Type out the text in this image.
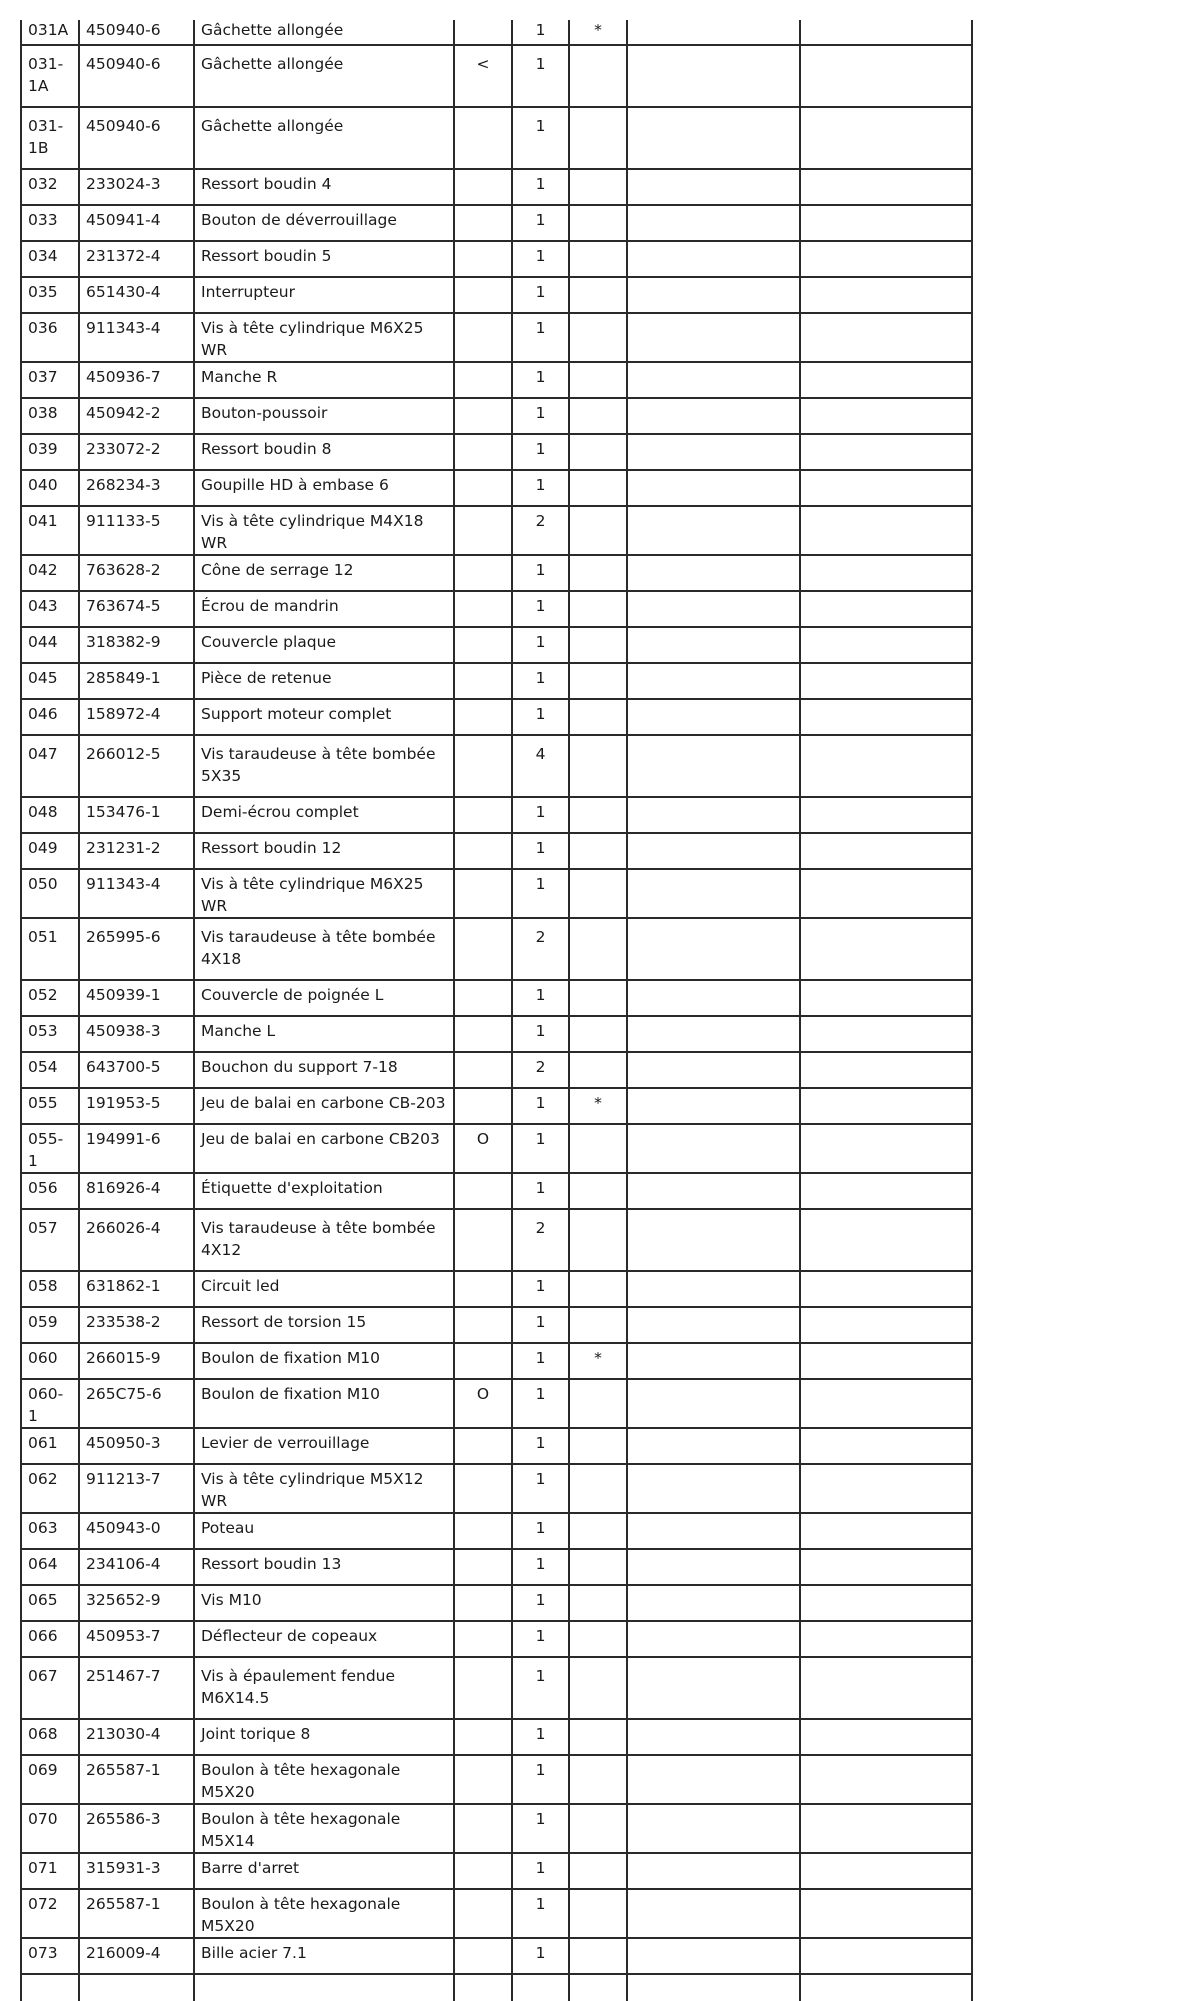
031A	450940-6	Gâchette allongée		1	*		
031-1A	450940-6	Gâchette allongée	<	1			
031-1B	450940-6	Gâchette allongée		1			
032	233024-3	Ressort boudin 4		1			
033	450941-4	Bouton de déverrouillage		1			
034	231372-4	Ressort boudin 5		1			
035	651430-4	Interrupteur		1			
036	911343-4	Vis à tête cylindrique M6X25 WR		1			
037	450936-7	Manche R		1			
038	450942-2	Bouton-poussoir		1			
039	233072-2	Ressort boudin 8		1			
040	268234-3	Goupille HD à embase 6		1			
041	911133-5	Vis à tête cylindrique M4X18 WR		2			
042	763628-2	Cône de serrage 12		1			
043	763674-5	Écrou de mandrin		1			
044	318382-9	Couvercle plaque		1			
045	285849-1	Pièce de retenue		1			
046	158972-4	Support moteur complet		1			
047	266012-5	Vis taraudeuse à tête bombée 5X35		4			
048	153476-1	Demi-écrou complet		1			
049	231231-2	Ressort boudin 12		1			
050	911343-4	Vis à tête cylindrique M6X25 WR		1			
051	265995-6	Vis taraudeuse à tête bombée 4X18		2			
052	450939-1	Couvercle de poignée L		1			
053	450938-3	Manche L		1			
054	643700-5	Bouchon du support 7-18		2			
055	191953-5	Jeu de balai en carbone CB-203		1	*		
055-1	194991-6	Jeu de balai en carbone CB203	O	1			
056	816926-4	Étiquette d'exploitation		1			
057	266026-4	Vis taraudeuse à tête bombée 4X12		2			
058	631862-1	Circuit led		1			
059	233538-2	Ressort de torsion 15		1			
060	266015-9	Boulon de fixation M10		1	*		
060-1	265C75-6	Boulon de fixation M10	O	1			
061	450950-3	Levier de verrouillage		1			
062	911213-7	Vis à tête cylindrique M5X12 WR		1			
063	450943-0	Poteau		1			
064	234106-4	Ressort boudin 13		1			
065	325652-9	Vis M10		1			
066	450953-7	Déflecteur de copeaux		1			
067	251467-7	Vis à épaulement fendue M6X14.5		1			
068	213030-4	Joint torique 8		1			
069	265587-1	Boulon à tête hexagonale M5X20		1			
070	265586-3	Boulon à tête hexagonale M5X14		1			
071	315931-3	Barre d'arret		1			
072	265587-1	Boulon à tête hexagonale M5X20		1			
073	216009-4	Bille acier 7.1		1			
